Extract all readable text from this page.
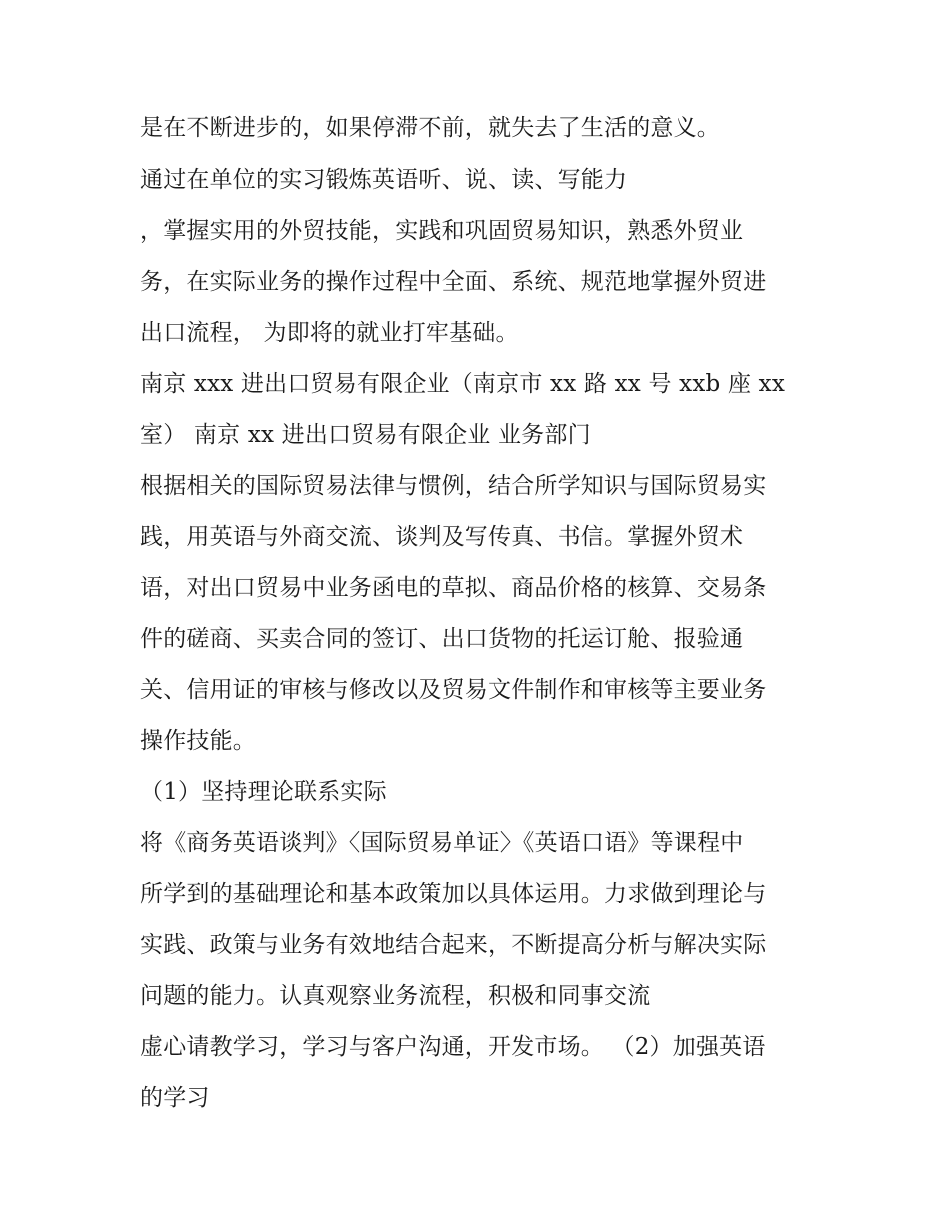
是在不断进步的，如果停滞不前，就失去了生活的意义。
通过在单位的实习锻炼英语听、说、读、写能力
，掌握实用的外贸技能，实践和巩固贸易知识，熟悉外贸业
务，在实际业务的操作过程中全面、系统、规范地掌握外贸进
出口流程， 为即将的就业打牢基础。
南京 xxx 进出口贸易有限企业（南京市 xx 路 xx 号 xxb 座 xx
室） 南京 xx 进出口贸易有限企业 业务部门
根据相关的国际贸易法律与惯例，结合所学知识与国际贸易实
践，用英语与外商交流、谈判及写传真、书信。掌握外贸术
语，对出口贸易中业务函电的草拟、商品价格的核算、交易条
件的磋商、买卖合同的签订、出口货物的托运订舱、报验通
关、信用证的审核与修改以及贸易文件制作和审核等主要业务
操作技能。
（1）坚持理论联系实际
将《商务英语谈判》〈国际贸易单证〉《英语口语》等课程中
所学到的基础理论和基本政策加以具体运用。力求做到理论与
实践、政策与业务有效地结合起来，不断提高分析与解决实际
问题的能力。认真观察业务流程，积极和同事交流
虚心请教学习，学习与客户沟通，开发市场。 （2）加强英语
的学习
